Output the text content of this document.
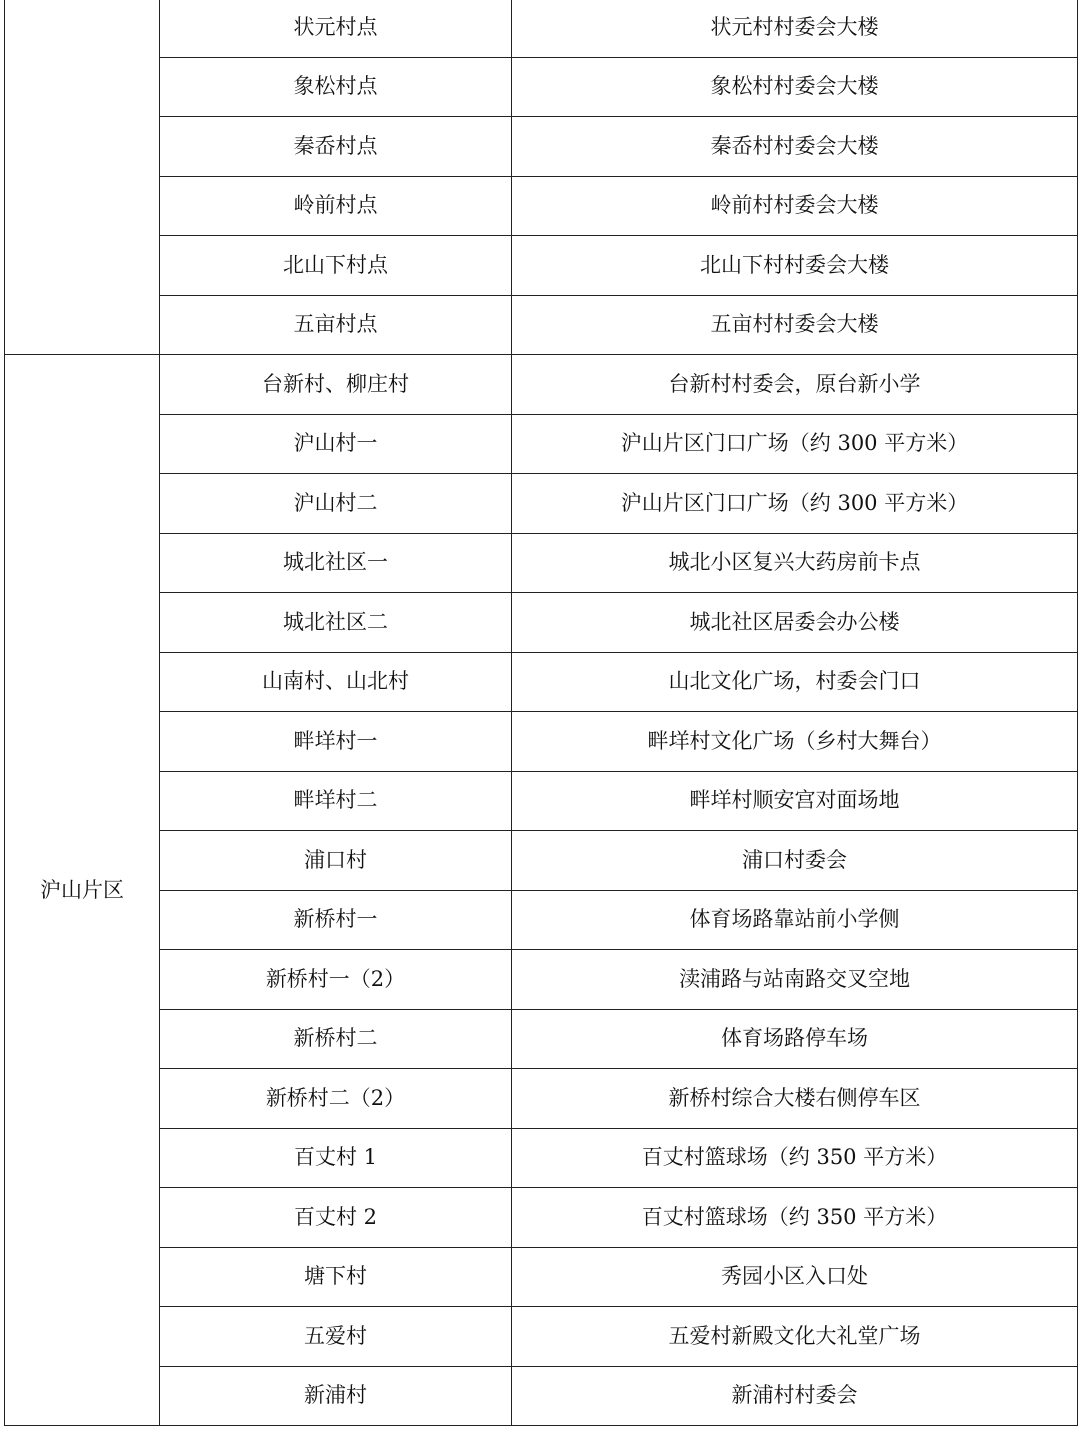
	状元村点	状元村村委会大楼
	象松村点	象松村村委会大楼
	秦岙村点	秦岙村村委会大楼
	岭前村点	岭前村村委会大楼
	北山下村点	北山下村村委会大楼
	五亩村点	五亩村村委会大楼
沪山片区	台新村、柳庄村	台新村村委会，原台新小学
	沪山村一	沪山片区门口广场（约 300 平方米）
	沪山村二	沪山片区门口广场（约 300 平方米）
	城北社区一	城北小区复兴大药房前卡点
	城北社区二	城北社区居委会办公楼
	山南村、山北村	山北文化广场，村委会门口
	畔垟村一	畔垟村文化广场（乡村大舞台）
	畔垟村二	畔垟村顺安宫对面场地
	浦口村	浦口村委会
	新桥村一	体育场路靠站前小学侧
	新桥村一（2）	渎浦路与站南路交叉空地
	新桥村二	体育场路停车场
	新桥村二（2）	新桥村综合大楼右侧停车区
	百丈村 1	百丈村篮球场（约 350 平方米）
	百丈村 2	百丈村篮球场（约 350 平方米）
	塘下村	秀园小区入口处
	五爱村	五爱村新殿文化大礼堂广场
	新浦村	新浦村村委会
